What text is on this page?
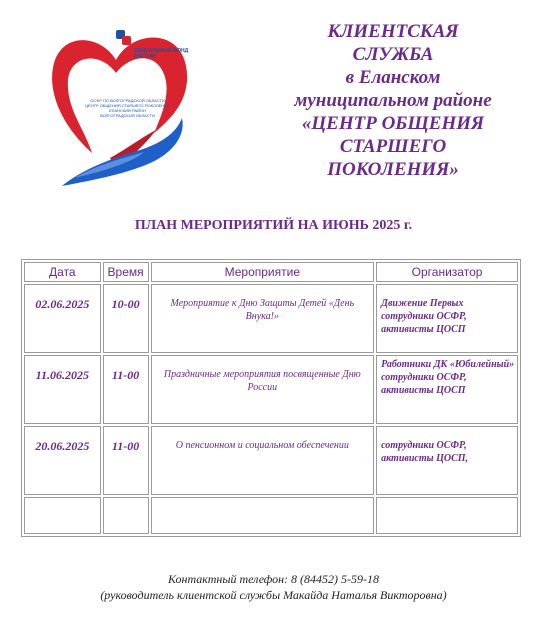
СОЦИАЛЬНЫЙ ФОНД РОССИИ
ОСФР ПО ВОЛГОГРАДСКОЙ ОБЛАСТИ
ЦЕНТР ОБЩЕНИЯ СТАРШЕГО ПОКОЛЕНИЯ
ЕЛАНСКИЙ РАЙОН
ВОЛГОГРАДСКОЙ ОБЛАСТИ
КЛИЕНТСКАЯ
СЛУЖБА
в Еланском
муниципальном районе
«ЦЕНТР ОБЩЕНИЯ
СТАРШЕГО
ПОКОЛЕНИЯ»
ПЛАН МЕРОПРИЯТИЙ НА ИЮНЬ 2025 г.
Дата	Время	Мероприятие	Организатор

02.06.2025	10-00	Мероприятие к Дню Защиты Детей «День Внука!»	Движение Первых сотрудники ОСФР, активисты ЦОСП

11.06.2025	11-00	Праздничные мероприятия посвященные Дню России	Работники ДК «Юбилейный» сотрудники ОСФР, активисты ЦОСП

20.06.2025	11-00	О пенсионном и социальном обеспечении	сотрудники ОСФР, активисты ЦОСП,

Контактный телефон: 8 (84452) 5-59-18
(руководитель клиентской службы Макайда Наталья Викторовна)
